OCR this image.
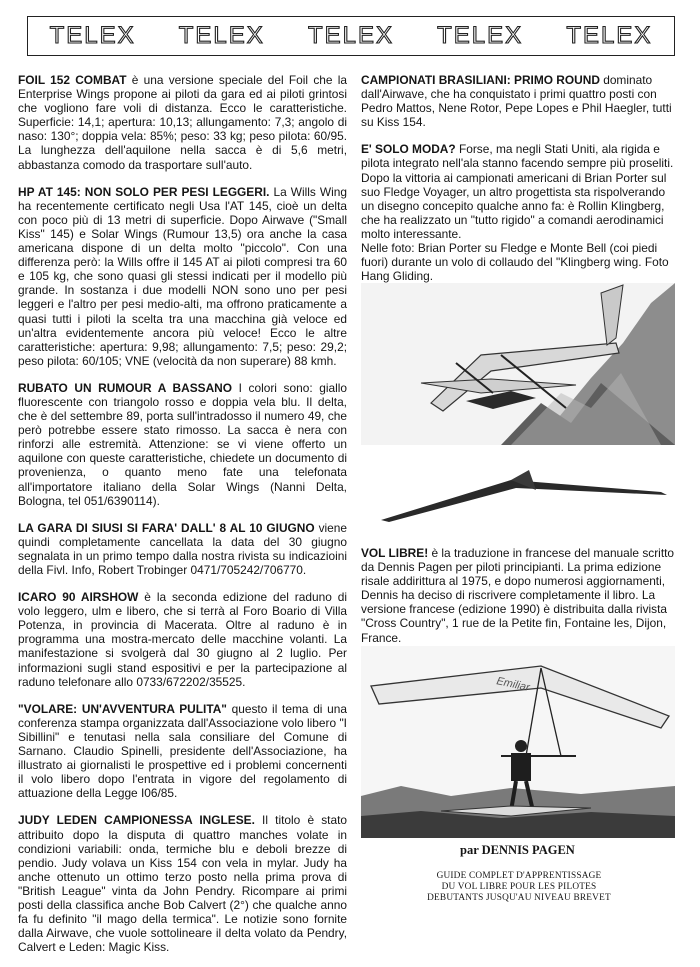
TELEX TELEX TELEX TELEX TELEX

FOIL 152 COMBAT è una versione speciale del Foil che la Enterprise Wings propone ai piloti da gara ed ai piloti grintosi che vogliono fare voli di distanza. Ecco le caratteristiche. Superficie: 14,1; apertura: 10,13; allungamento: 7,3; angolo di naso: 130°; doppia vela: 85%; peso: 33 kg; peso pilota: 60/95. La lunghezza dell'aquilone nella sacca è di 5,6 metri, abbastanza comodo da trasportare sull'auto.

HP AT 145: NON SOLO PER PESI LEGGERI. La Wills Wing ha recentemente certificato negli Usa l'AT 145, cioè un delta con poco più di 13 metri di superficie. Dopo Airwave ("Small Kiss" 145) e Solar Wings (Rumour 13,5) ora anche la casa americana dispone di un delta molto "piccolo". Con una differenza però: la Wills offre il 145 AT ai piloti compresi tra 60 e 105 kg, che sono quasi gli stessi indicati per il modello più grande. In sostanza i due modelli NON sono uno per pesi leggeri e l'altro per pesi medio-alti, ma offrono praticamente a quasi tutti i piloti la scelta tra una macchina già veloce ed un'altra evidentemente ancora più veloce! Ecco le altre caratteristiche: apertura: 9,98; allungamento: 7,5; peso: 29,2; peso pilota: 60/105; VNE (velocità da non superare) 88 kmh.

RUBATO UN RUMOUR A BASSANO I colori sono: giallo fluorescente con triangolo rosso e doppia vela blu. Il delta, che è del settembre 89, porta sull'intradosso il numero 49, che però potrebbe essere stato rimosso. La sacca è nera con rinforzi alle estremità. Attenzione: se vi viene offerto un aquilone con queste caratteristiche, chiedete un documento di provenienza, o quanto meno fate una telefonata all'importatore italiano della Solar Wings (Nanni Delta, Bologna, tel 051/6390114).

LA GARA DI SIUSI SI FARA' DALL' 8 AL 10 GIUGNO viene quindi completamente cancellata la data del 30 giugno segnalata in un primo tempo dalla nostra rivista su indicazioini della Fivl. Info, Robert Trobinger 0471/705242/706770.

ICARO 90 AIRSHOW è la seconda edizione del raduno di volo leggero, ulm e libero, che si terrà al Foro Boario di Villa Potenza, in provincia di Macerata. Oltre al raduno è in programma una mostra-mercato delle macchine volanti. La manifestazione si svolgerà dal 30 giugno al 2 luglio. Per informazioni sugli stand espositivi e per la partecipazione al raduno telefonare allo 0733/672202/35525.

"VOLARE: UN'AVVENTURA PULITA" questo il tema di una conferenza stampa organizzata dall'Associazione volo libero "I Sibillini" e tenutasi nella sala consiliare del Comune di Sarnano. Claudio Spinelli, presidente dell'Associazione, ha illustrato ai giornalisti le prospettive ed i problemi concernenti il volo libero dopo l'entrata in vigore del regolamento di attuazione della Legge I06/85.

JUDY LEDEN CAMPIONESSA INGLESE. Il titolo è stato attribuito dopo la disputa di quattro manches volate in condizioni variabili: onda, termiche blu e deboli brezze di pendio. Judy volava un Kiss 154 con vela in mylar. Judy ha anche ottenuto un ottimo terzo posto nella prima prova di "British League" vinta da John Pendry. Ricompare ai primi posti della classifica anche Bob Calvert (2°) che qualche anno fa fu definito "il mago della termica". Le notizie sono fornite dalla Airwave, che vuole sottolineare il delta volato da Pendry, Calvert e Leden: Magic Kiss.

CAMPIONATI BRASILIANI: PRIMO ROUND dominato dall'Airwave, che ha conquistato i primi quattro posti con Pedro Mattos, Nene Rotor, Pepe Lopes e Phil Haegler, tutti su Kiss 154.

E' SOLO MODA? Forse, ma negli Stati Uniti, ala rigida e pilota integrato nell'ala stanno facendo sempre più proseliti. Dopo la vittoria ai campionati americani di Brian Porter sul suo Fledge Voyager, un altro progettista sta rispolverando un disegno concepito qualche anno fa: è Rollin Klingberg, che ha realizzato un "tutto rigido" a comandi aerodinamici molto interessante.

Nelle foto: Brian Porter su Fledge e Monte Bell (coi piedi fuori) durante un volo di collaudo del "Klingberg wing. Foto Hang Gliding.

VOL LIBRE! è la traduzione in francese del manuale scritto da Dennis Pagen per piloti principianti. La prima edizione risale addirittura al 1975, e dopo numerosi aggiornamenti, Dennis ha deciso di riscrivere completamente il libro. La versione francese (edizione 1990) è distribuita dalla rivista "Cross Country", 1 rue de la Petite fin, Fontaine les, Dijon, France.

Emiliar
par DENNIS PAGEN
GUIDE COMPLET D'APPRENTISSAGE
DU VOL LIBRE POUR LES PILOTES
DEBUTANTS JUSQU'AU NIVEAU BREVET
